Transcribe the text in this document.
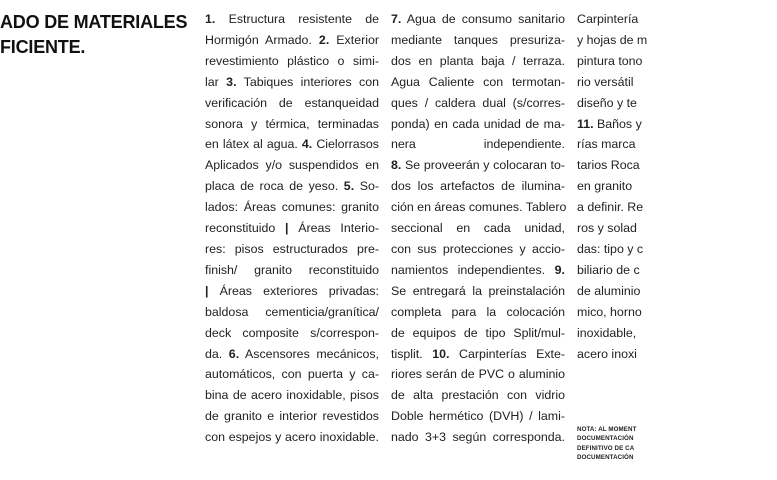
ADO DE MATERIALES
FICIENTE.
1. Estructura resistente de
Hormigón Armado. 2. Exterior
revestimiento plástico o simi-
lar 3. Tabiques interiores con
verificación de estanqueidad
sonora y térmica, terminadas
en látex al agua. 4. Cielorrasos
Aplicados y/o suspendidos en
placa de roca de yeso. 5. So-
lados: Áreas comunes: granito
reconstituido | Áreas Interio-
res: pisos estructurados pre-
finish/ granito reconstituido
| Áreas exteriores privadas:
baldosa cementicia/granítica/
deck composite s/correspon-
da. 6. Ascensores mecánicos,
automáticos, con puerta y ca-
bina de acero inoxidable, pisos
de granito e interior revestidos
con espejos y acero inoxidable.
7. Agua de consumo sanitario
mediante tanques presuriza-
dos en planta baja / terraza.
Agua Caliente con termotan-
ques / caldera dual (s/corres-
ponda) en cada unidad de ma-
nera independiente.
8. Se proveerán y colocaran to-
dos los artefactos de ilumina-
ción en áreas comunes. Tablero
seccional en cada unidad,
con sus protecciones y accio-
namientos independientes. 9.
Se entregará la preinstalación
completa para la colocación
de equipos de tipo Split/mul-
tisplit. 10. Carpinterías Exte-
riores serán de PVC o aluminio
de alta prestación con vidrio
Doble hermético (DVH) / lami-
nado 3+3 según corresponda.
Carpintería
y hojas de m
pintura tono
rio versátil
diseño y te
11. Baños y
rías marca
tarios Roca
en granito
a definir. Re
ros y solad
das: tipo y c
biliario de c
de aluminio
mico, horno
inoxidable,
acero inoxi
NOTA: AL MOMENT
DOCUMENTACIÓN
DEFINITIVO DE CA
DOCUMENTACIÓN
